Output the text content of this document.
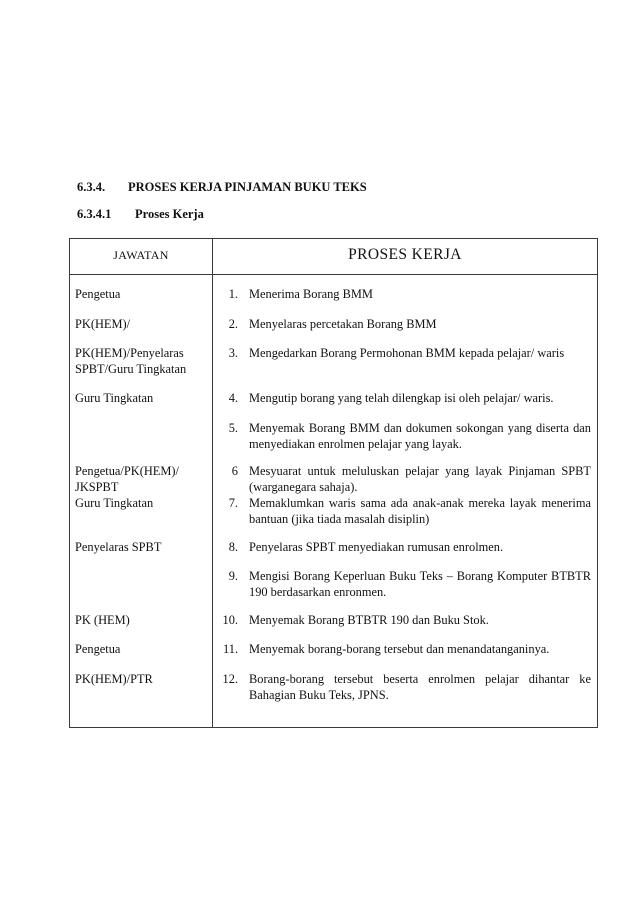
6.3.4. PROSES KERJA PINJAMAN BUKU TEKS
6.3.4.1 Proses Kerja
JAWATAN	PROSES KERJA
Pengetua
PK(HEM)/
PK(HEM)/Penyelaras
SPBT/Guru Tingkatan
Guru Tingkatan
Pengetua/PK(HEM)/
JKSPBT
Guru Tingkatan
Penyelaras SPBT
PK (HEM)
Pengetua
PK(HEM)/PTR
1. Menerima Borang BMM
2. Menyelaras percetakan Borang BMM
3. Mengedarkan Borang Permohonan BMM kepada pelajar/ waris
4. Mengutip borang yang telah dilengkap isi oleh pelajar/ waris.
5. Menyemak Borang BMM dan dokumen sokongan yang diserta dan menyediakan enrolmen pelajar yang layak.
6 Mesyuarat untuk meluluskan pelajar yang layak Pinjaman SPBT (warganegara sahaja).
7. Memaklumkan waris sama ada anak-anak mereka layak menerima bantuan (jika tiada masalah disiplin)
8. Penyelaras SPBT menyediakan rumusan enrolmen.
9. Mengisi Borang Keperluan Buku Teks – Borang Komputer BTBTR 190 berdasarkan enronmen.
10. Menyemak Borang BTBTR 190 dan Buku Stok.
11. Menyemak borang-borang tersebut dan menandatanganinya.
12. Borang-borang tersebut beserta enrolmen pelajar dihantar ke Bahagian Buku Teks, JPNS.
